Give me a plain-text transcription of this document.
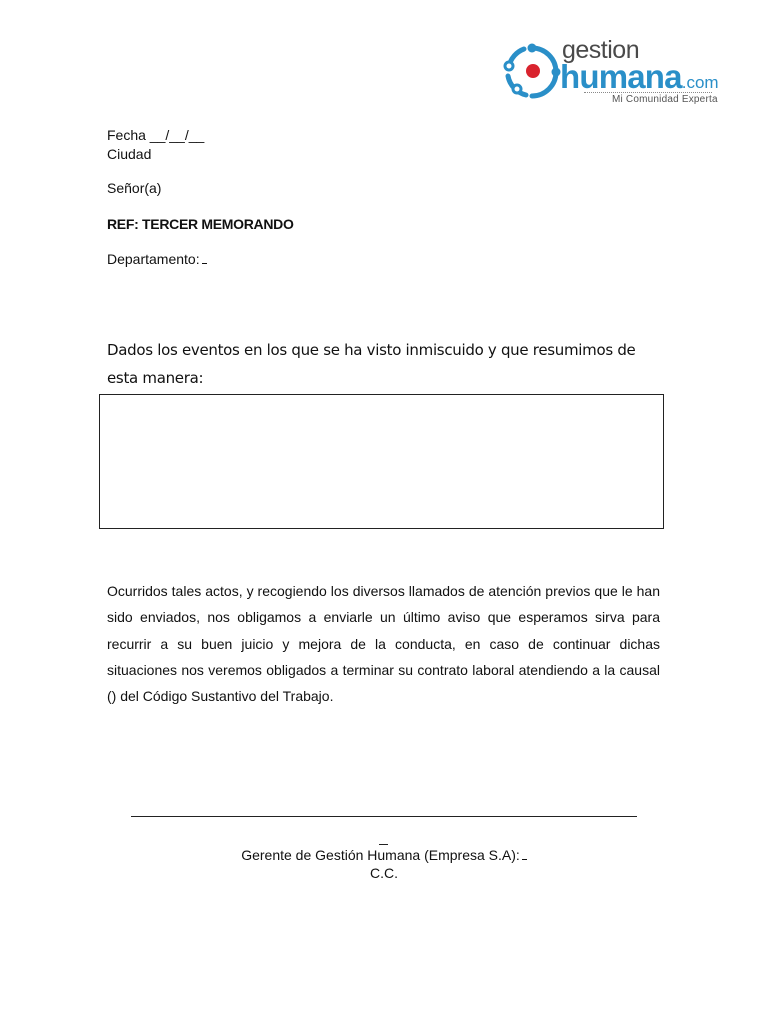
gestion
humana.com
Mi Comunidad Experta

Fecha __/__/__

Ciudad

Señor(a)

REF: TERCER MEMORANDO

Departamento:

Dados los eventos en los que se ha visto inmiscuido y que resumimos de esta manera:

Ocurridos tales actos, y recogiendo los diversos llamados de atención previos que le han sido enviados, nos obligamos a enviarle un último aviso que esperamos sirva para recurrir a su buen juicio y mejora de la conducta, en caso de continuar dichas situaciones nos veremos obligados a terminar su contrato laboral atendiendo a la causal () del Código Sustantivo del Trabajo.

Gerente de Gestión Humana (Empresa S.A):

C.C.
